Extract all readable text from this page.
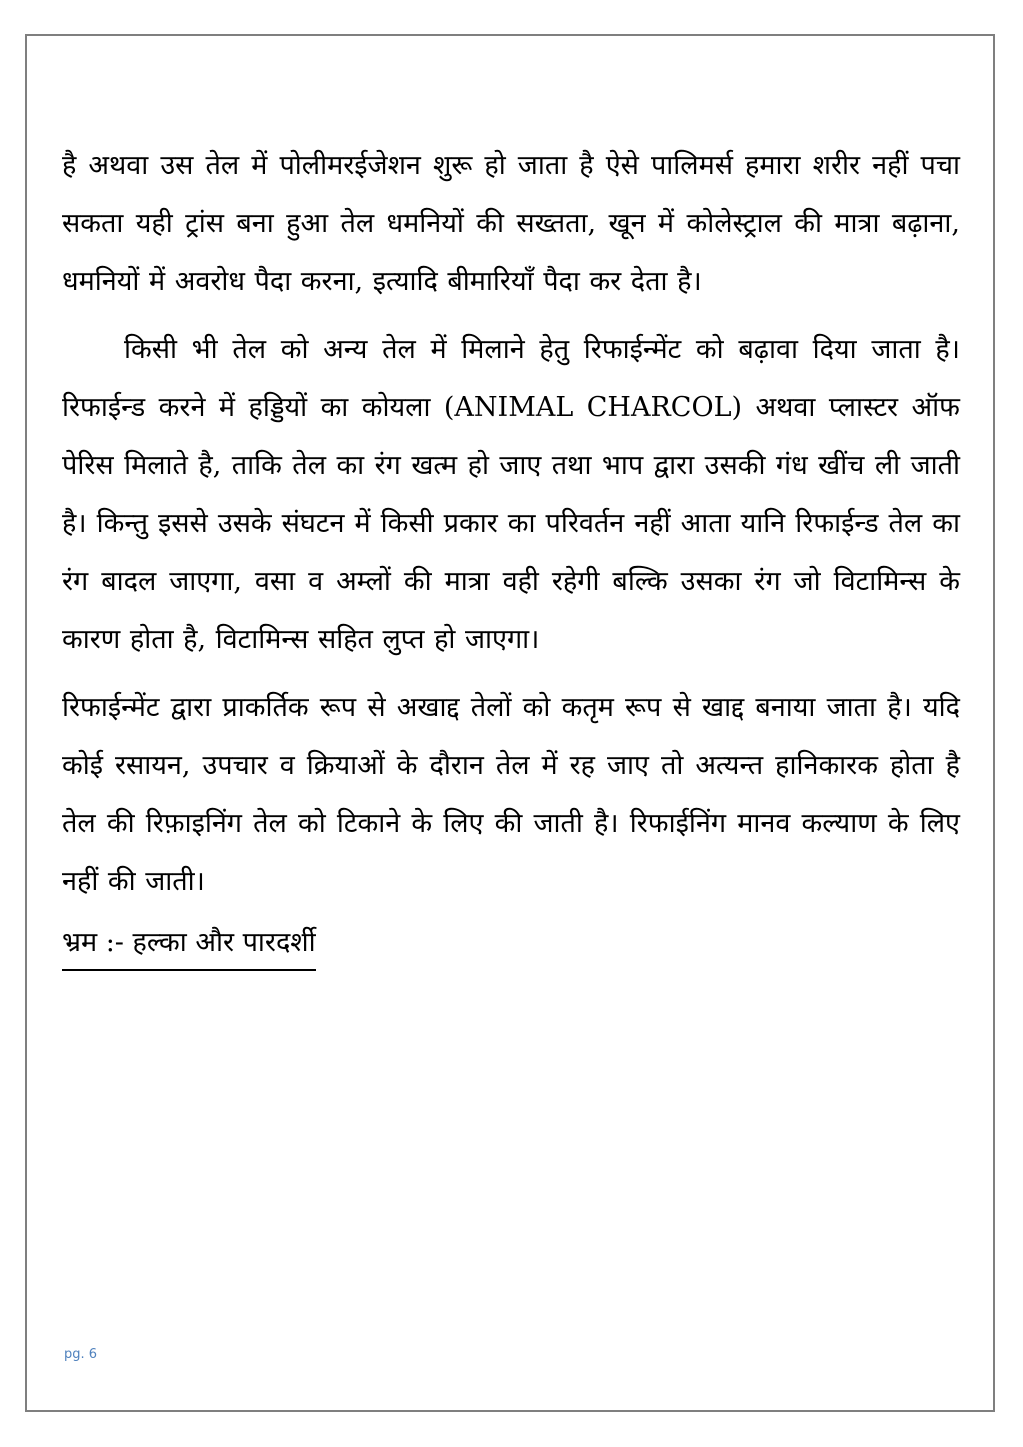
है अथवा उस तेल में पोलीमरईजेशन शुरू हो जाता है ऐसे पालिमर्स हमारा शरीर नहीं पचा सकता यही ट्रांस बना हुआ तेल धमनियों की सख्तता, खून में कोलेस्ट्राल की मात्रा बढ़ाना, धमनियों में अवरोध पैदा करना, इत्यादि बीमारियाँ पैदा कर देता है।

किसी भी तेल को अन्य तेल में मिलाने हेतु रिफाईन्मेंट को बढ़ावा दिया जाता है। रिफाईन्ड करने में हड्डियों का कोयला (ANIMAL CHARCOL) अथवा प्लास्टर ऑफ पेरिस मिलाते है, ताकि तेल का रंग खत्म हो जाए तथा भाप द्वारा उसकी गंध खींच ली जाती है। किन्तु इससे उसके संघटन में किसी प्रकार का परिवर्तन नहीं आता यानि रिफाईन्ड तेल का रंग बादल जाएगा, वसा व अम्लों की मात्रा वही रहेगी बल्कि उसका रंग जो विटामिन्स के कारण होता है, विटामिन्स सहित लुप्त हो जाएगा।

रिफाईन्मेंट द्वारा प्राकर्तिक रूप से अखाद्द तेलों को कतृम रूप से खाद्द बनाया जाता है। यदि कोई रसायन, उपचार व क्रियाओं के दौरान तेल में रह जाए तो अत्यन्त हानिकारक होता है तेल की रिफ़ाइनिंग तेल को टिकाने के लिए की जाती है। रिफाईनिंग मानव कल्याण के लिए नहीं की जाती।

भ्रम :- हल्का और पारदर्शी
pg. 6
